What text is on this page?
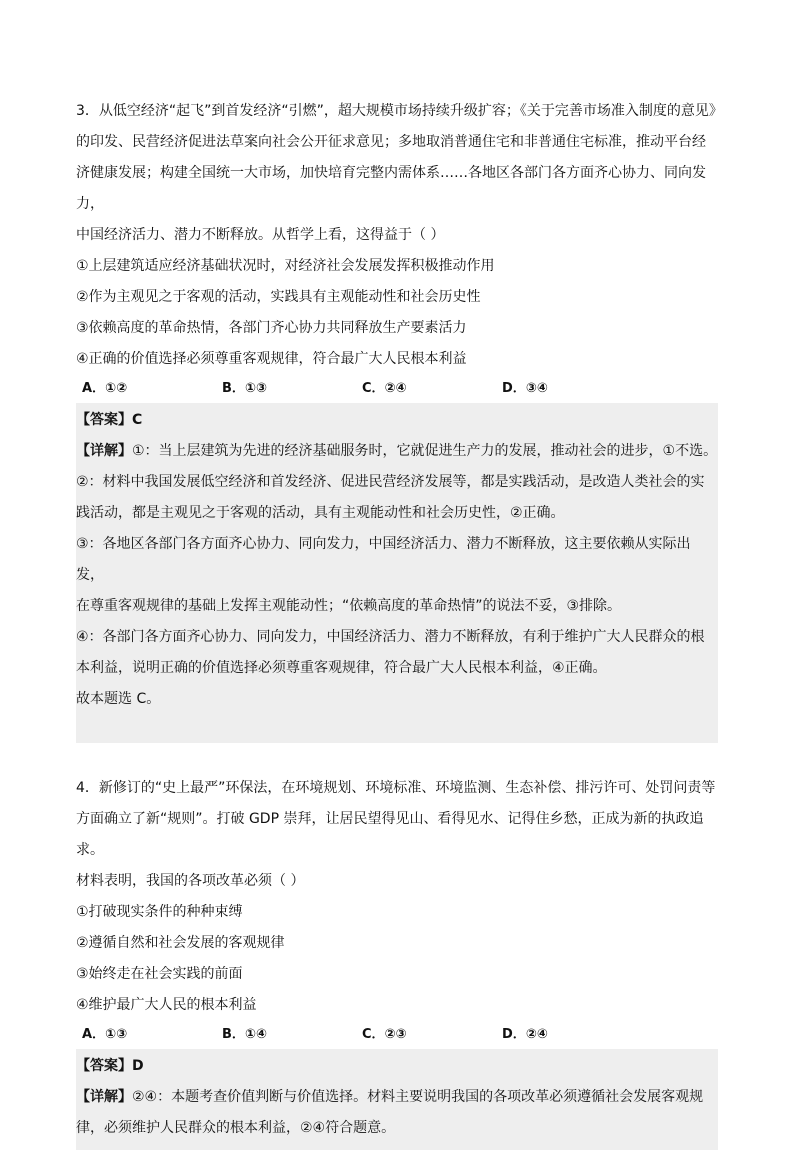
3．从低空经济“起飞”到首发经济“引燃”，超大规模市场持续升级扩容；《关于完善市场准入制度的意见》

的印发、民营经济促进法草案向社会公开征求意见；多地取消普通住宅和非普通住宅标准，推动平台经

济健康发展；构建全国统一大市场，加快培育完整内需体系……各地区各部门各方面齐心协力、同向发力，

中国经济活力、潜力不断释放。从哲学上看，这得益于（ ）

①上层建筑适应经济基础状况时，对经济社会发展发挥积极推动作用

②作为主观见之于客观的活动，实践具有主观能动性和社会历史性

③依赖高度的革命热情，各部门齐心协力共同释放生产要素活力

④正确的价值选择必须尊重客观规律，符合最广大人民根本利益

A．①②	B．①③	C．②④	D．③④

【答案】C

【详解】①：当上层建筑为先进的经济基础服务时，它就促进生产力的发展，推动社会的进步，①不选。

②：材料中我国发展低空经济和首发经济、促进民营经济发展等，都是实践活动，是改造人类社会的实

践活动，都是主观见之于客观的活动，具有主观能动性和社会历史性，②正确。

③：各地区各部门各方面齐心协力、同向发力，中国经济活力、潜力不断释放，这主要依赖从实际出发，

在尊重客观规律的基础上发挥主观能动性；“依赖高度的革命热情”的说法不妥，③排除。

④：各部门各方面齐心协力、同向发力，中国经济活力、潜力不断释放，有利于维护广大人民群众的根

本利益，说明正确的价值选择必须尊重客观规律，符合最广大人民根本利益，④正确。

故本题选 C。

4．新修订的“史上最严”环保法，在环境规划、环境标准、环境监测、生态补偿、排污许可、处罚问责等

方面确立了新“规则”。打破 GDP 崇拜，让居民望得见山、看得见水、记得住乡愁，正成为新的执政追求。

材料表明，我国的各项改革必须（ ）

①打破现实条件的种种束缚

②遵循自然和社会发展的客观规律

③始终走在社会实践的前面

④维护最广大人民的根本利益

A．①③	B．①④	C．②③	D．②④

【答案】D

【详解】②④：本题考查价值判断与价值选择。材料主要说明我国的各项改革必须遵循社会发展客观规

律，必须维护人民群众的根本利益，②④符合题意。
